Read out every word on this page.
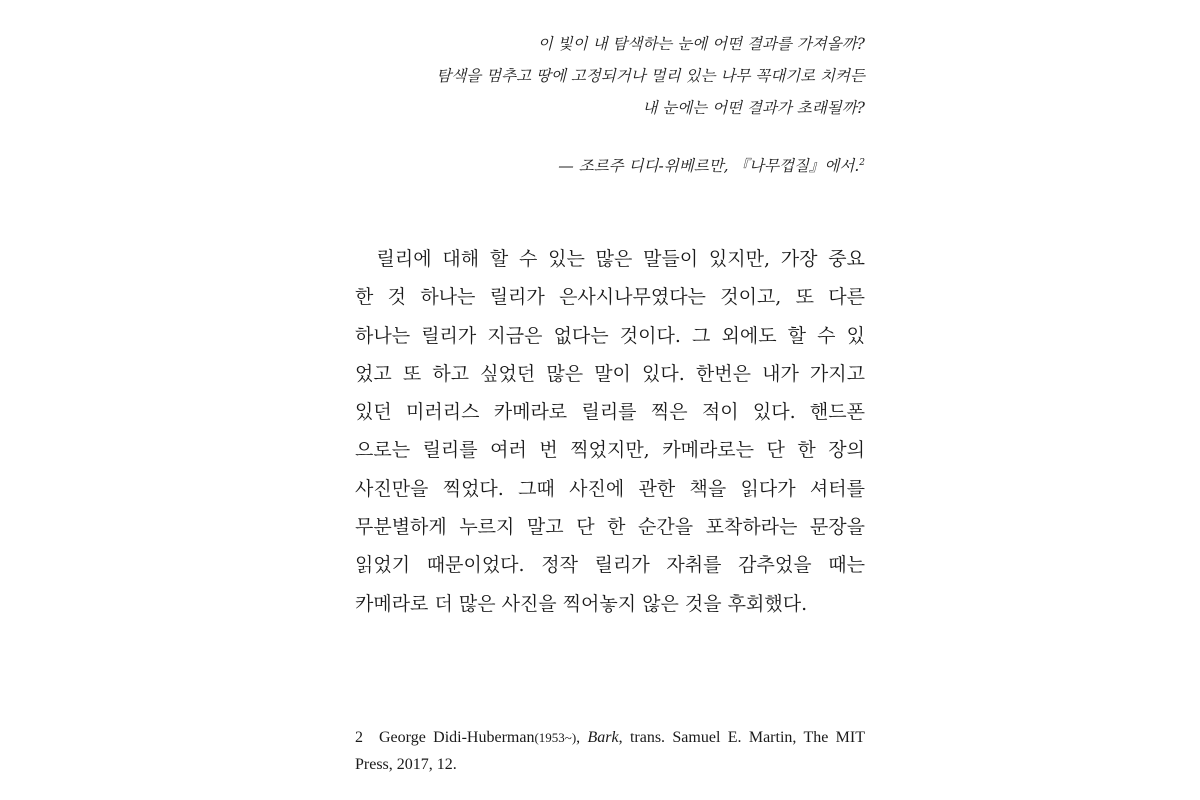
이 빛이 내 탐색하는 눈에 어떤 결과를 가져올까?
탐색을 멈추고 땅에 고정되거나 멀리 있는 나무 꼭대기로 치켜든
내 눈에는 어떤 결과가 초래될까?
— 조르주 디디-위베르만, 『나무껍질』에서.$^2$
릴리에 대해 할 수 있는 많은 말들이 있지만, 가장 중요
한 것 하나는 릴리가 은사시나무였다는 것이고, 또 다른
하나는 릴리가 지금은 없다는 것이다. 그 외에도 할 수 있
었고 또 하고 싶었던 많은 말이 있다. 한번은 내가 가지고
있던 미러리스 카메라로 릴리를 찍은 적이 있다. 핸드폰
으로는 릴리를 여러 번 찍었지만, 카메라로는 단 한 장의
사진만을 찍었다. 그때 사진에 관한 책을 읽다가 셔터를
무분별하게 누르지 말고 단 한 순간을 포착하라는 문장을
읽었기 때문이었다. 정작 릴리가 자취를 감추었을 때는
카메라로 더 많은 사진을 찍어놓지 않은 것을 후회했다.
2 George Didi-Huberman(1953~), Bark, trans. Samuel E. Martin, The MIT
Press, 2017, 12.
